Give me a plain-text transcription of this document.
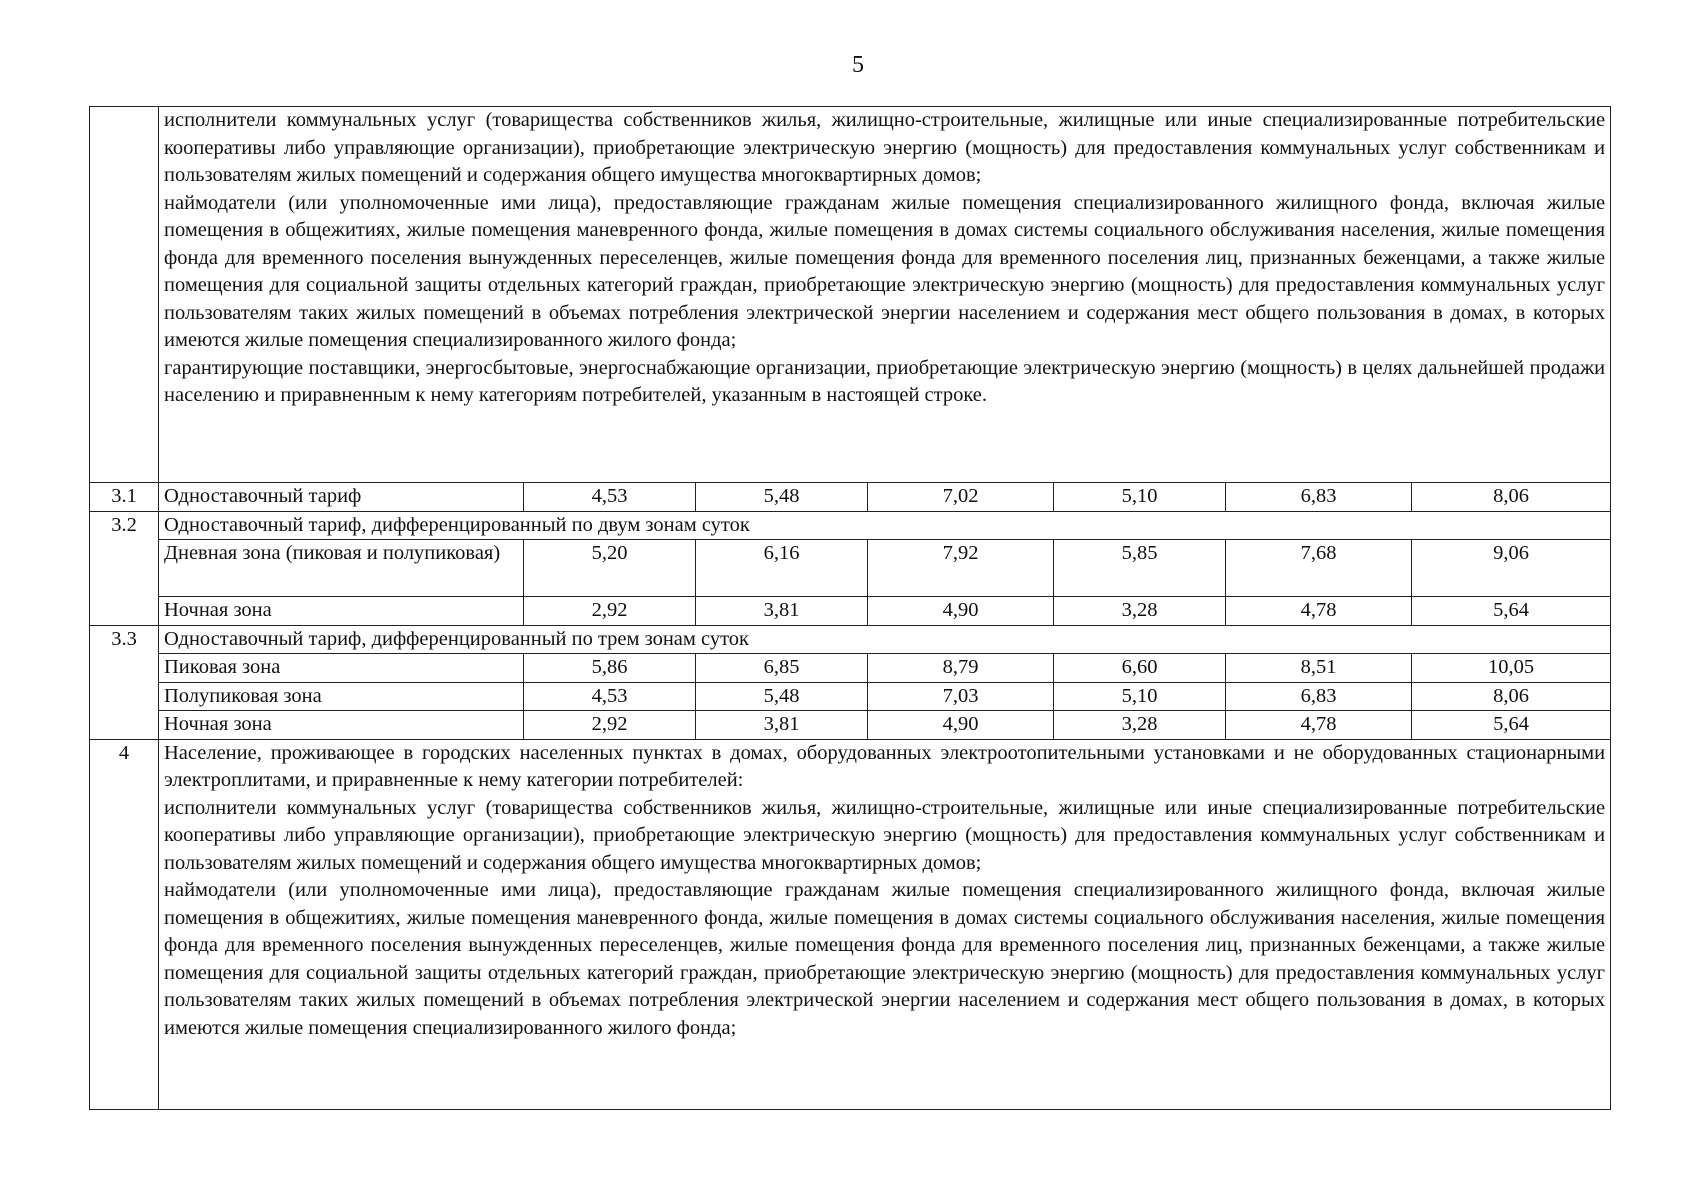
5

	исполнители коммунальных услуг (товарищества собственников жилья, жилищно-строительные, жилищные или иные специализированные потребительские кооперативы либо управляющие организации), приобретающие электрическую энергию (мощность) для предоставления коммунальных услуг собственникам и пользователям жилых помещений и содержания общего имущества многоквартирных домов;
наймодатели (или уполномоченные ими лица), предоставляющие гражданам жилые помещения специализированного жилищного фонда, включая жилые помещения в общежитиях, жилые помещения маневренного фонда, жилые помещения в домах системы социального обслуживания населения, жилые помещения фонда для временного поселения вынужденных переселенцев, жилые помещения фонда для временного поселения лиц, признанных беженцами, а также жилые помещения для социальной защиты отдельных категорий граждан, приобретающие электрическую энергию (мощность) для предоставления коммунальных услуг пользователям таких жилых помещений в объемах потребления электрической энергии населением и содержания мест общего пользования в домах, в которых имеются жилые помещения специализированного жилого фонда;
гарантирующие поставщики, энергосбытовые, энергоснабжающие организации, приобретающие электрическую энергию (мощность) в целях дальнейшей продажи населению и приравненным к нему категориям потребителей, указанным в настоящей строке.						

3.1	Одноставочный тариф	4,53	5,48	7,02	5,10	6,83	8,06
3.2	Одноставочный тариф, дифференцированный по двум зонам суток						
	Дневная зона (пиковая и полупиковая)	5,20	6,16	7,92	5,85	7,68	9,06
	Ночная зона	2,92	3,81	4,90	3,28	4,78	5,64
3.3	Одноставочный тариф, дифференцированный по трем зонам суток						
	Пиковая зона	5,86	6,85	8,79	6,60	8,51	10,05
	Полупиковая зона	4,53	5,48	7,03	5,10	6,83	8,06
	Ночная зона	2,92	3,81	4,90	3,28	4,78	5,64
4	Население, проживающее в городских населенных пунктах в домах, оборудованных электроотопительными установками и не оборудованных стационарными электроплитами, и приравненные к нему категории потребителей:
исполнители коммунальных услуг (товарищества собственников жилья, жилищно-строительные, жилищные или иные специализированные потребительские кооперативы либо управляющие организации), приобретающие электрическую энергию (мощность) для предоставления коммунальных услуг собственникам и пользователям жилых помещений и содержания общего имущества многоквартирных домов;
наймодатели (или уполномоченные ими лица), предоставляющие гражданам жилые помещения специализированного жилищного фонда, включая жилые помещения в общежитиях, жилые помещения маневренного фонда, жилые помещения в домах системы социального обслуживания населения, жилые помещения фонда для временного поселения вынужденных переселенцев, жилые помещения фонда для временного поселения лиц, признанных беженцами, а также жилые помещения для социальной защиты отдельных категорий граждан, приобретающие электрическую энергию (мощность) для предоставления коммунальных услуг пользователям таких жилых помещений в объемах потребления электрической энергии населением и содержания мест общего пользования в домах, в которых имеются жилые помещения специализированного жилого фонда;						
